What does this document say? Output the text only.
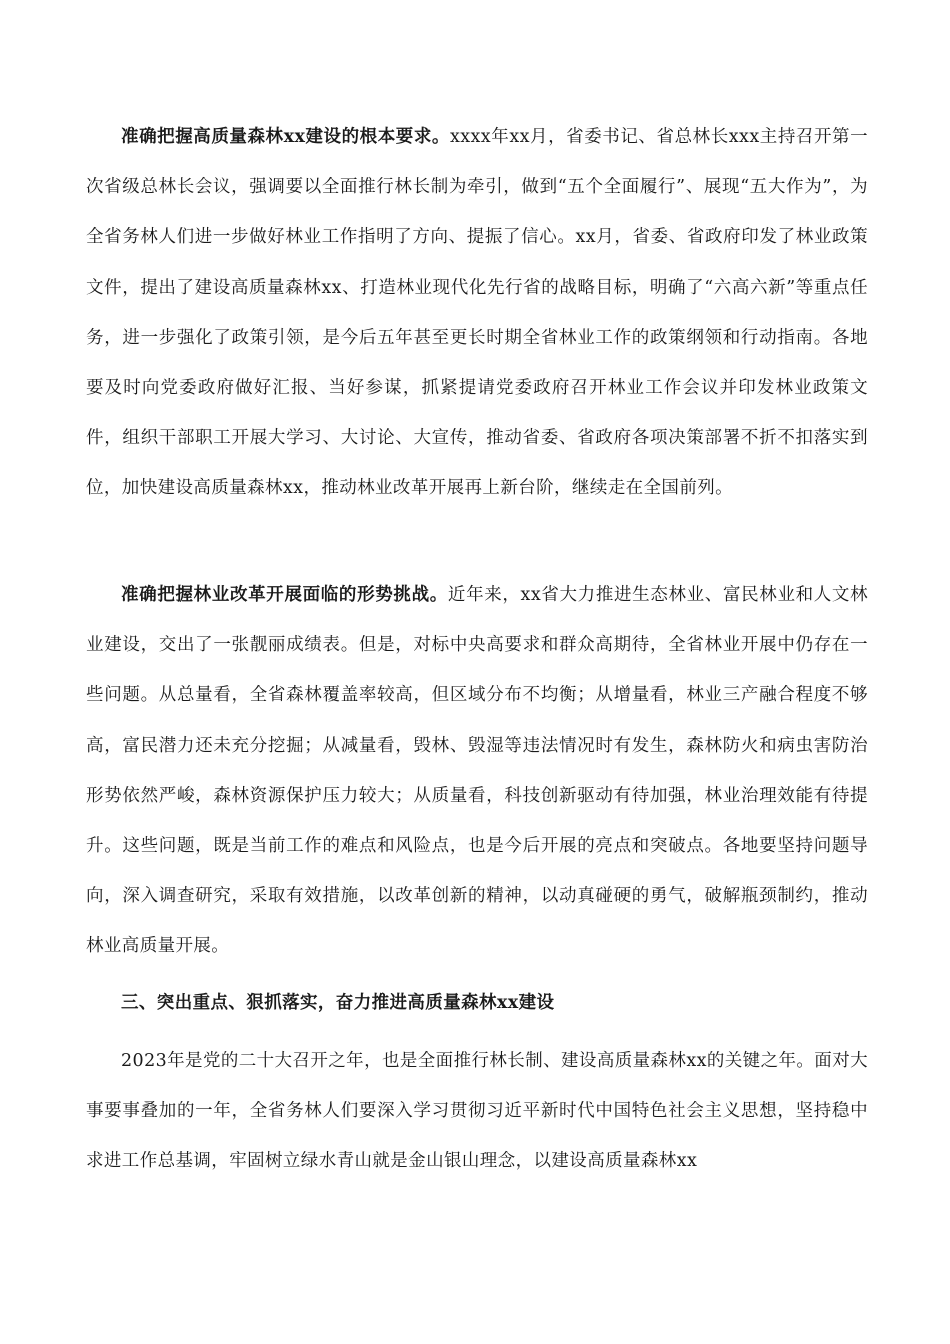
准确把握高质量森林xx建设的根本要求。xxxx年xx月，省委书记、省总林长xxx主持召开第一次省级总林长会议，强调要以全面推行林长制为牵引，做到“五个全面履行”、展现“五大作为”，为全省务林人们进一步做好林业工作指明了方向、提振了信心。xx月，省委、省政府印发了林业政策文件，提出了建设高质量森林xx、打造林业现代化先行省的战略目标，明确了“六高六新”等重点任务，进一步强化了政策引领，是今后五年甚至更长时期全省林业工作的政策纲领和行动指南。各地要及时向党委政府做好汇报、当好参谋，抓紧提请党委政府召开林业工作会议并印发林业政策文件，组织干部职工开展大学习、大讨论、大宣传，推动省委、省政府各项决策部署不折不扣落实到位，加快建设高质量森林xx，推动林业改革开展再上新台阶，继续走在全国前列。

准确把握林业改革开展面临的形势挑战。近年来，xx省大力推进生态林业、富民林业和人文林业建设，交出了一张靓丽成绩表。但是，对标中央高要求和群众高期待，全省林业开展中仍存在一些问题。从总量看，全省森林覆盖率较高，但区域分布不均衡；从增量看，林业三产融合程度不够高，富民潜力还未充分挖掘；从减量看，毁林、毁湿等违法情况时有发生，森林防火和病虫害防治形势依然严峻，森林资源保护压力较大；从质量看，科技创新驱动有待加强，林业治理效能有待提升。这些问题，既是当前工作的难点和风险点，也是今后开展的亮点和突破点。各地要坚持问题导向，深入调查研究，采取有效措施，以改革创新的精神，以动真碰硬的勇气，破解瓶颈制约，推动林业高质量开展。

三、突出重点、狠抓落实，奋力推进高质量森林xx建设

2023年是党的二十大召开之年，也是全面推行林长制、建设高质量森林xx的关键之年。面对大事要事叠加的一年，全省务林人们要深入学习贯彻习近平新时代中国特色社会主义思想，坚持稳中求进工作总基调，牢固树立绿水青山就是金山银山理念，以建设高质量森林xx
